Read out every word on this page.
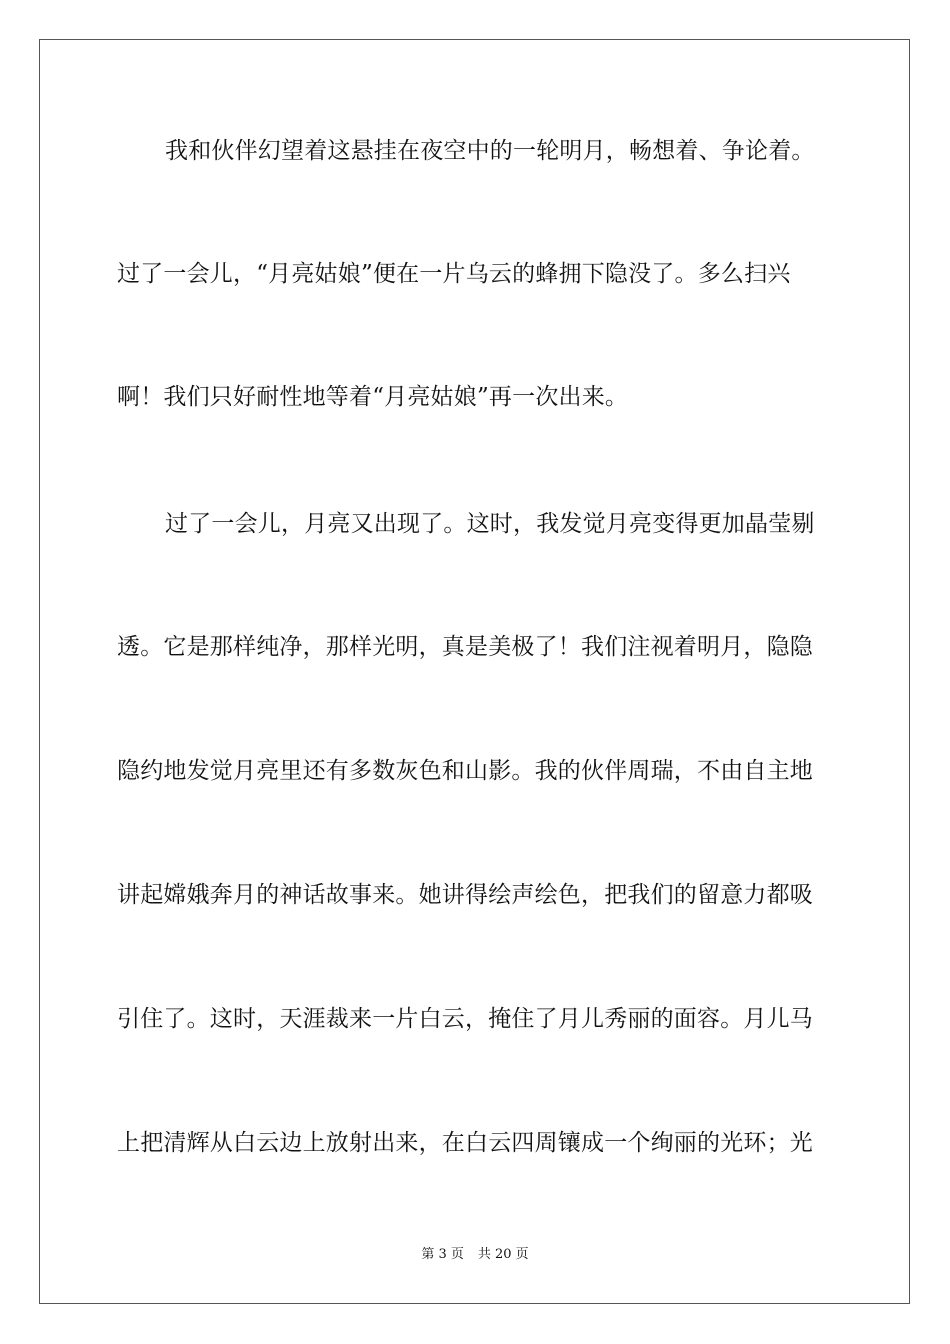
我和伙伴幻望着这悬挂在夜空中的一轮明月，畅想着、争论着。
过了一会儿，“月亮姑娘”便在一片乌云的蜂拥下隐没了。多么扫兴
啊！我们只好耐性地等着“月亮姑娘”再一次出来。
过了一会儿，月亮又出现了。这时，我发觉月亮变得更加晶莹剔
透。它是那样纯净，那样光明，真是美极了！我们注视着明月，隐隐
隐约地发觉月亮里还有多数灰色和山影。我的伙伴周瑞，不由自主地
讲起嫦娥奔月的神话故事来。她讲得绘声绘色，把我们的留意力都吸
引住了。这时，天涯裁来一片白云，掩住了月儿秀丽的面容。月儿马
上把清辉从白云边上放射出来，在白云四周镶成一个绚丽的光环；光
第 3 页 共 20 页
